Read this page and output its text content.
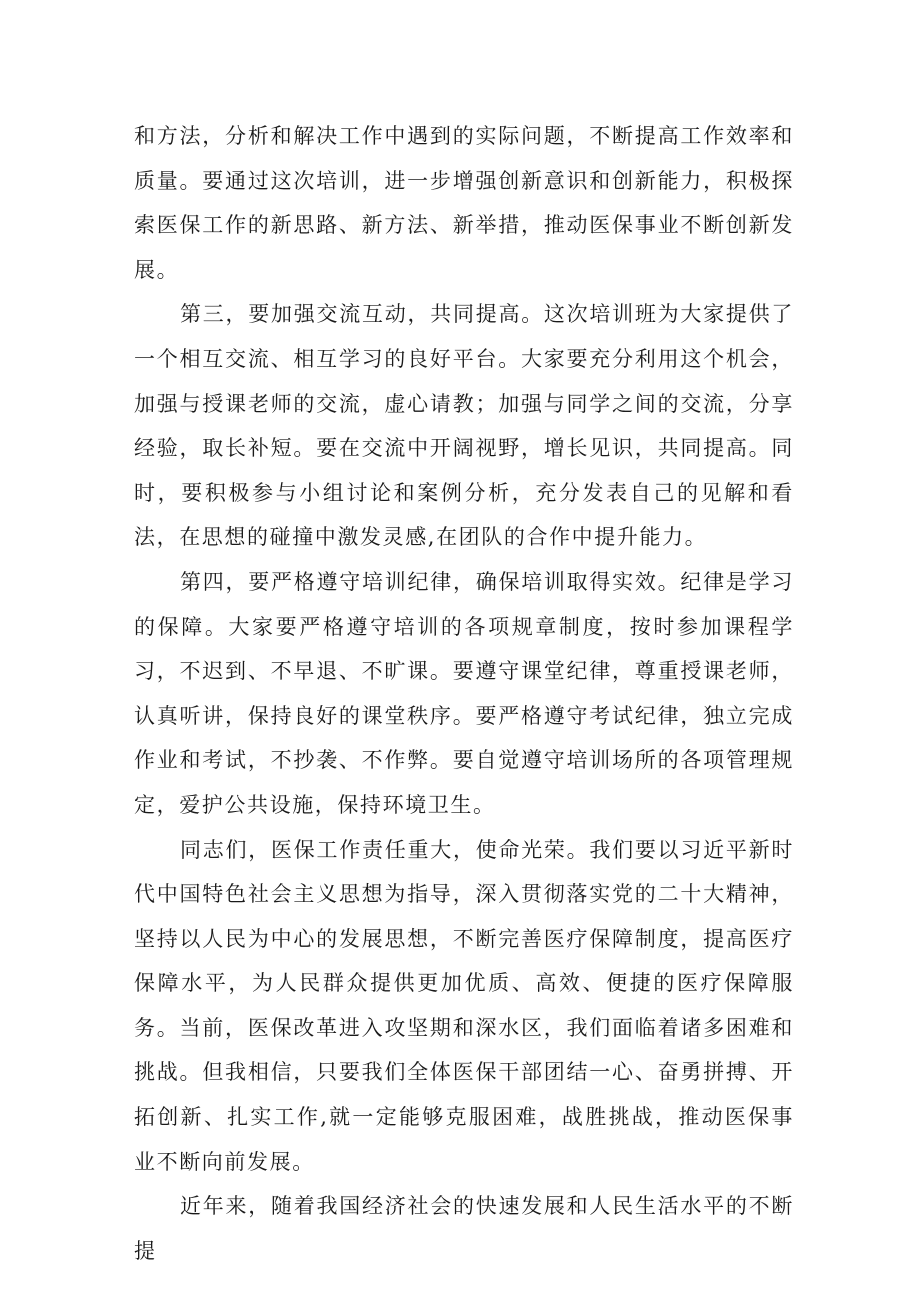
和方法，分析和解决工作中遇到的实际问题，不断提高工作效率和质量。要通过这次培训，进一步增强创新意识和创新能力，积极探索医保工作的新思路、新方法、新举措，推动医保事业不断创新发展。

第三，要加强交流互动，共同提高。这次培训班为大家提供了一个相互交流、相互学习的良好平台。大家要充分利用这个机会，加强与授课老师的交流，虚心请教；加强与同学之间的交流，分享经验，取长补短。要在交流中开阔视野，增长见识，共同提高。同时，要积极参与小组讨论和案例分析，充分发表自己的见解和看法，在思想的碰撞中激发灵感,在团队的合作中提升能力。

第四，要严格遵守培训纪律，确保培训取得实效。纪律是学习的保障。大家要严格遵守培训的各项规章制度，按时参加课程学习，不迟到、不早退、不旷课。要遵守课堂纪律，尊重授课老师，认真听讲，保持良好的课堂秩序。要严格遵守考试纪律，独立完成作业和考试，不抄袭、不作弊。要自觉遵守培训场所的各项管理规定，爱护公共设施，保持环境卫生。

同志们，医保工作责任重大，使命光荣。我们要以习近平新时代中国特色社会主义思想为指导，深入贯彻落实党的二十大精神，坚持以人民为中心的发展思想，不断完善医疗保障制度，提高医疗保障水平，为人民群众提供更加优质、高效、便捷的医疗保障服务。当前，医保改革进入攻坚期和深水区，我们面临着诸多困难和挑战。但我相信，只要我们全体医保干部团结一心、奋勇拼搏、开拓创新、扎实工作,就一定能够克服困难，战胜挑战，推动医保事业不断向前发展。

近年来，随着我国经济社会的快速发展和人民生活水平的不断提
